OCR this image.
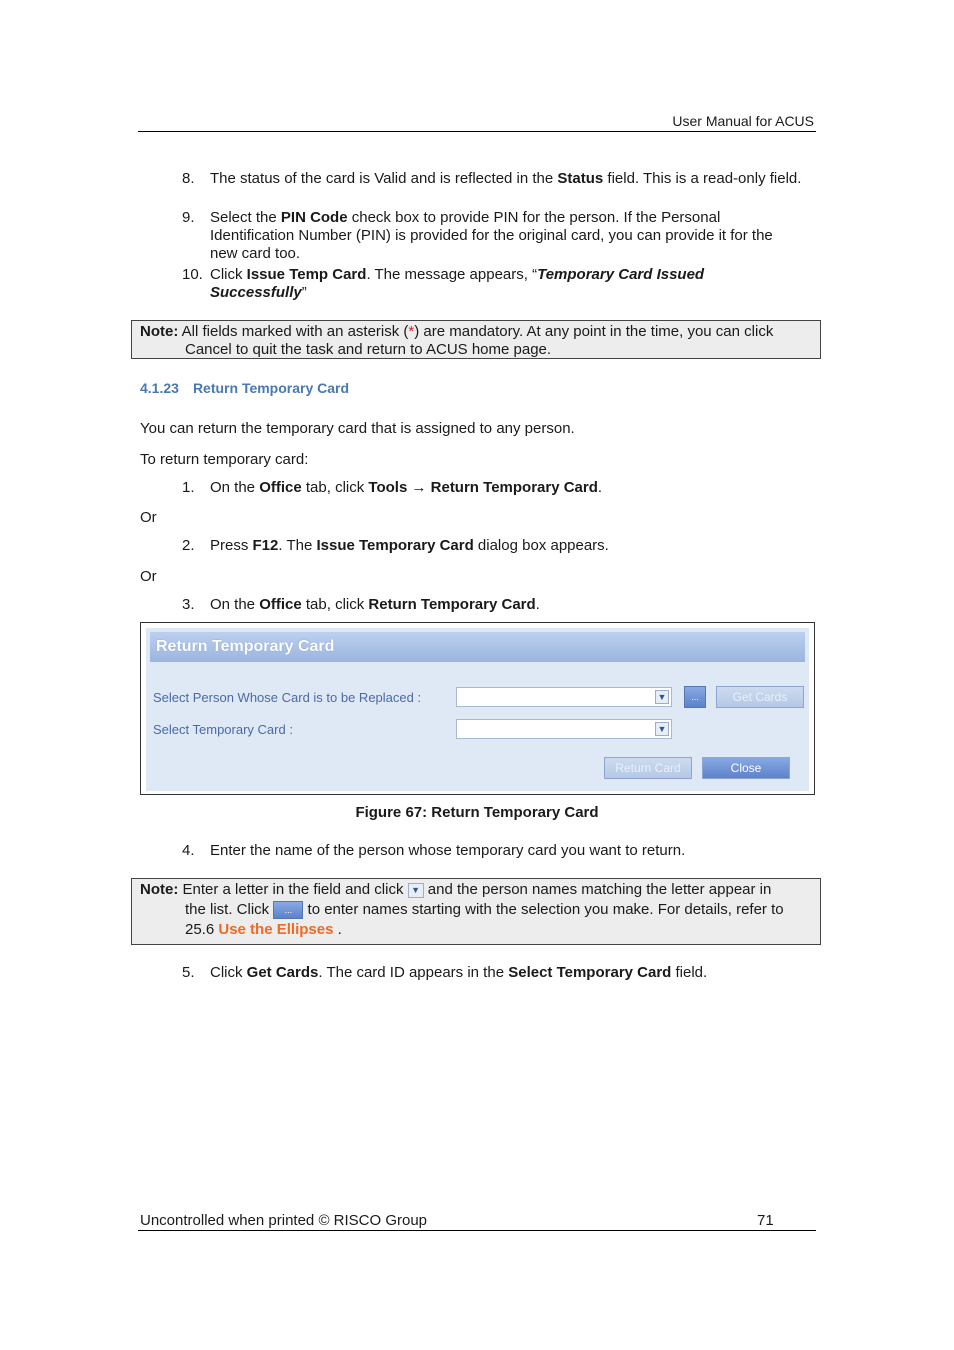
User Manual for ACUS
8.	The status of the card is Valid and is reflected in the Status field. This is a read-only field.
9.	Select the PIN Code check box to provide PIN for the person. If the Personal Identification Number (PIN) is provided for the original card, you can provide it for the new card too.
10. Click Issue Temp Card. The message appears, “Temporary Card Issued Successfully”
Note: All fields marked with an asterisk (*) are mandatory. At any point in the time, you can click
Cancel to quit the task and return to ACUS home page.
4.1.23 Return Temporary Card
You can return the temporary card that is assigned to any person.
To return temporary card:
1.	On the Office tab, click Tools → Return Temporary Card.
Or
2.	Press F12. The Issue Temporary Card dialog box appears.
Or
3.	On the Office tab, click Return Temporary Card.
Return Temporary Card
Select Person Whose Card is to be Replaced :	▼	...	Get Cards
Select Temporary Card :	▼
Return Card	Close
Figure 67: Return Temporary Card
4.	Enter the name of the person whose temporary card you want to return.
Note: Enter a letter in the field and click ▼ and the person names matching the letter appear in
the list. Click ... to enter names starting with the selection you make. For details, refer to
25.6 Use the Ellipses .
5.	Click Get Cards. The card ID appears in the Select Temporary Card field.
Uncontrolled when printed © RISCO Group	71
